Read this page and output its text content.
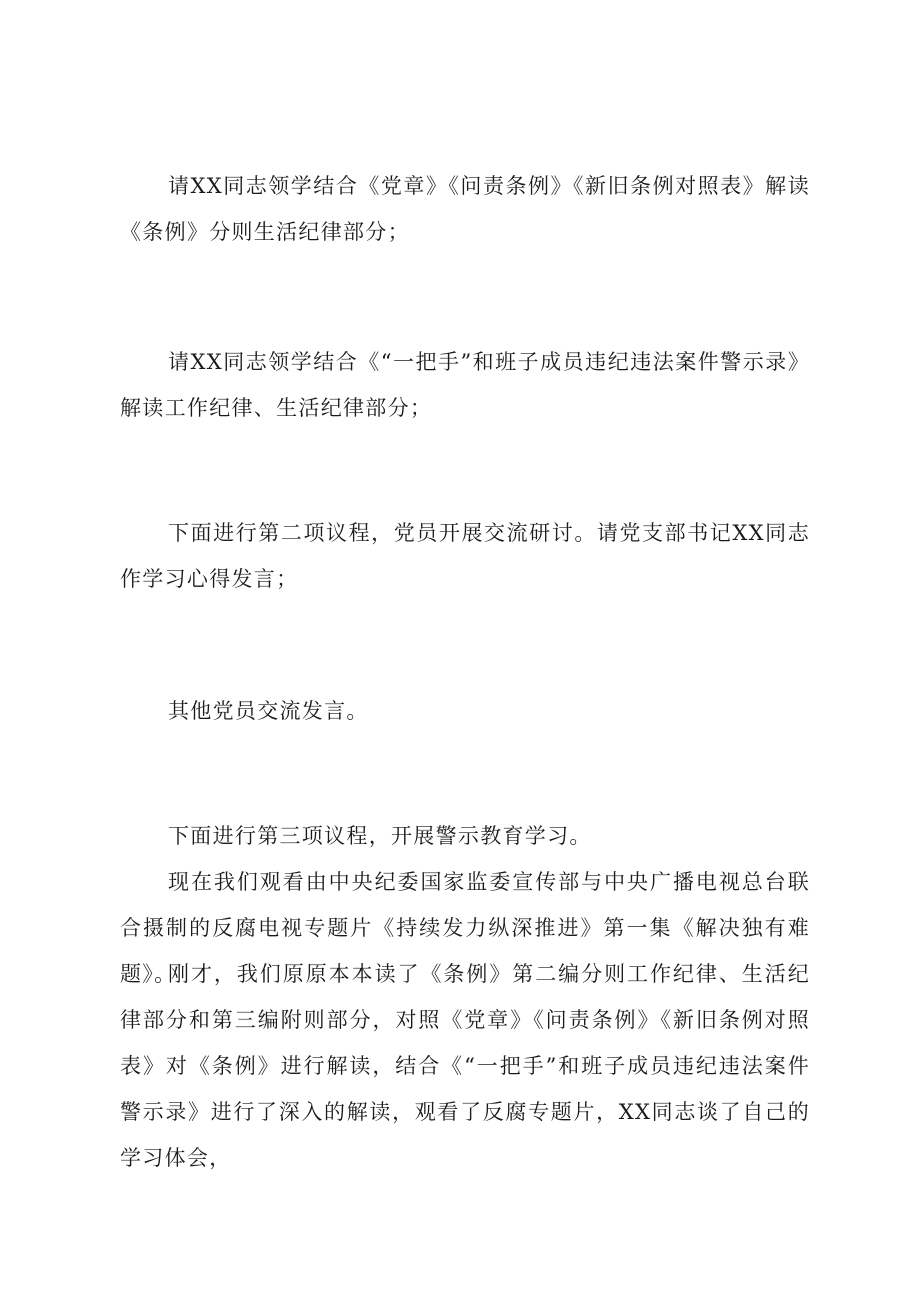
请XX同志领学结合《党章》《问责条例》《新旧条例对照表》解读《条例》分则生活纪律部分；

请XX同志领学结合《“一把手”和班子成员违纪违法案件警示录》解读工作纪律、生活纪律部分；

下面进行第二项议程，党员开展交流研讨。请党支部书记XX同志作学习心得发言；

其他党员交流发言。

下面进行第三项议程，开展警示教育学习。

现在我们观看由中央纪委国家监委宣传部与中央广播电视总台联合摄制的反腐电视专题片《持续发力纵深推进》第一集《解决独有难题》。

刚才，我们原原本本读了《条例》第二编分则工作纪律、生活纪律部分和第三编附则部分，对照《党章》《问责条例》《新旧条例对照表》对《条例》进行解读，结合《“一把手”和班子成员违纪违法案件警示录》进行了深入的解读，观看了反腐专题片，XX同志谈了自己的学习体会，
